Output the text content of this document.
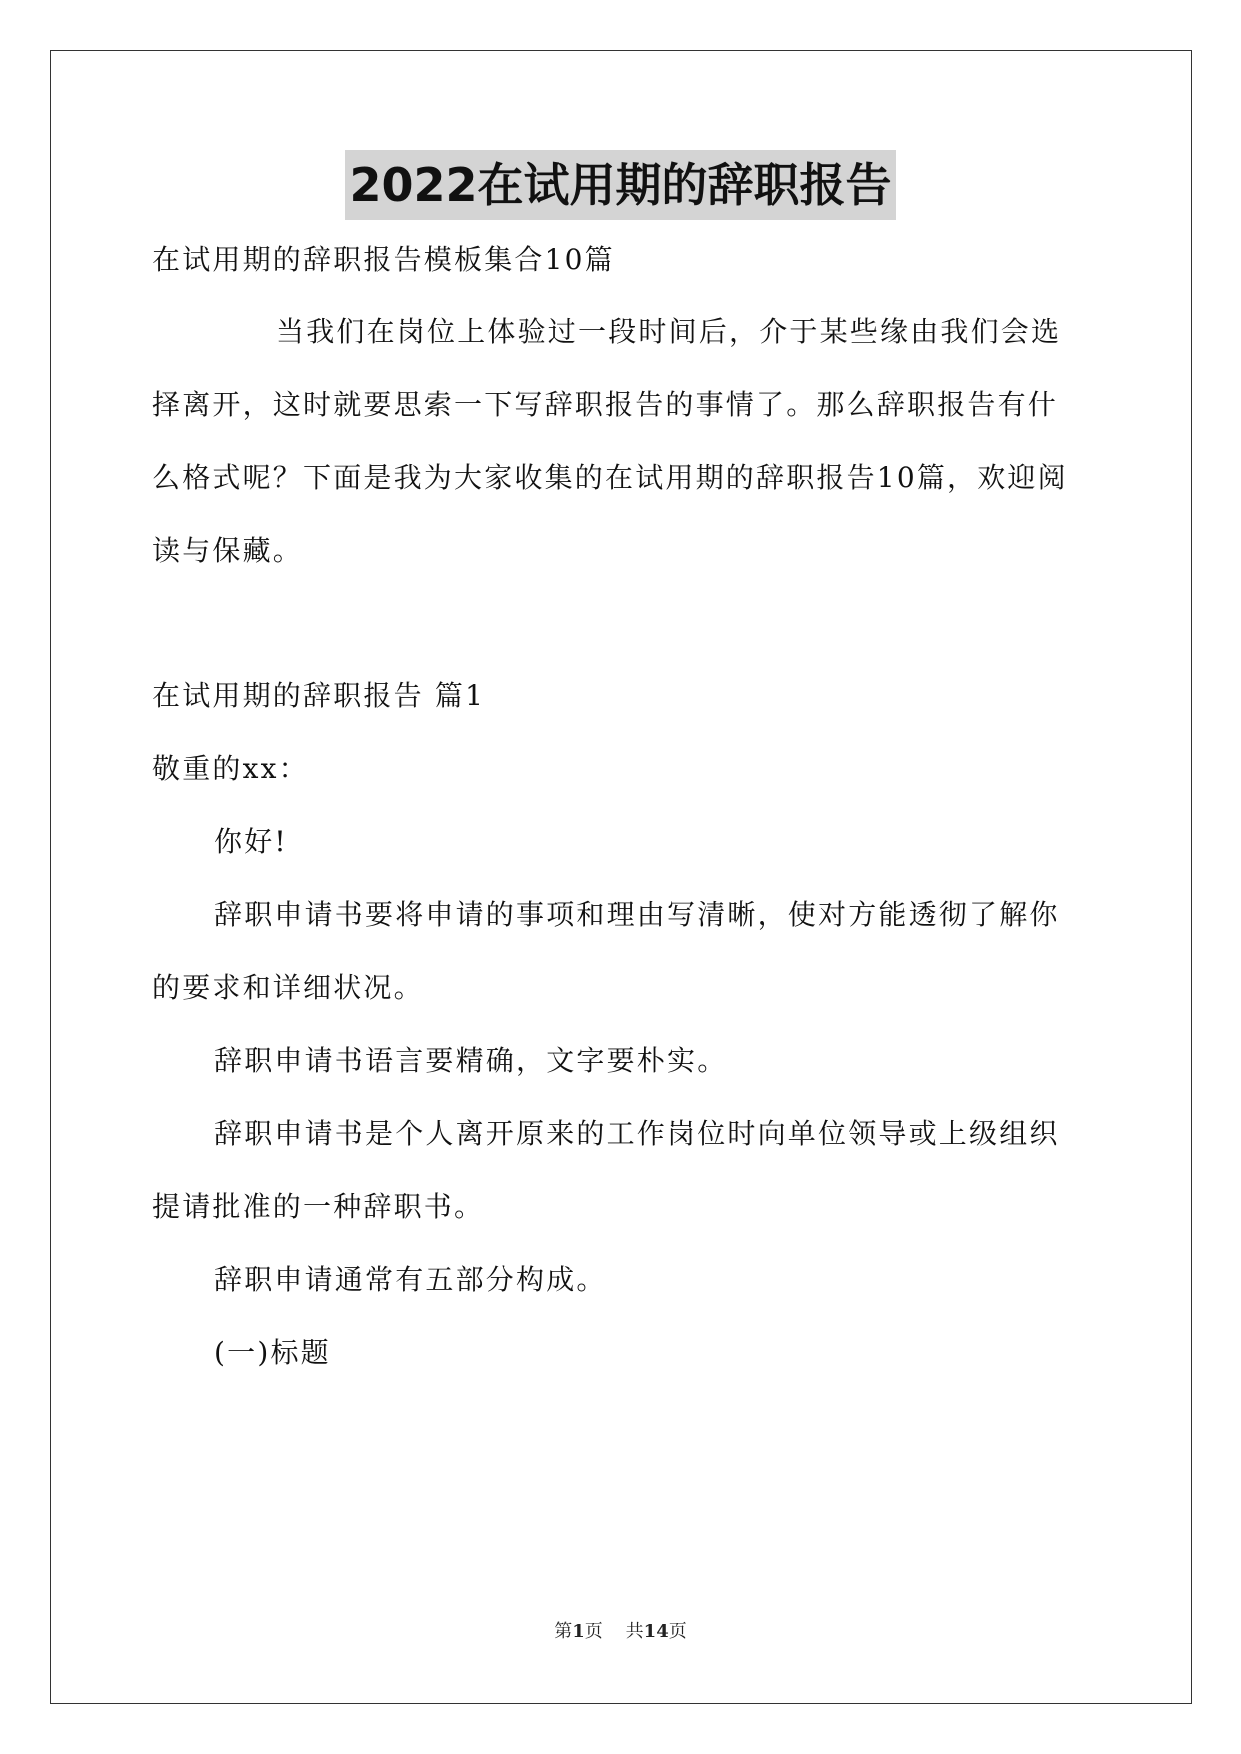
2022在试用期的辞职报告
在试用期的辞职报告模板集合10篇
当我们在岗位上体验过一段时间后，介于某些缘由我们会选
择离开，这时就要思索一下写辞职报告的事情了。那么辞职报告有什
么格式呢？下面是我为大家收集的在试用期的辞职报告10篇，欢迎阅
读与保藏。
在试用期的辞职报告 篇1
敬重的xx：
你好!
辞职申请书要将申请的事项和理由写清晰，使对方能透彻了解你
的要求和详细状况。
辞职申请书语言要精确，文字要朴实。
辞职申请书是个人离开原来的工作岗位时向单位领导或上级组织
提请批准的一种辞职书。
辞职申请通常有五部分构成。
(一)标题
第1页 共14页
